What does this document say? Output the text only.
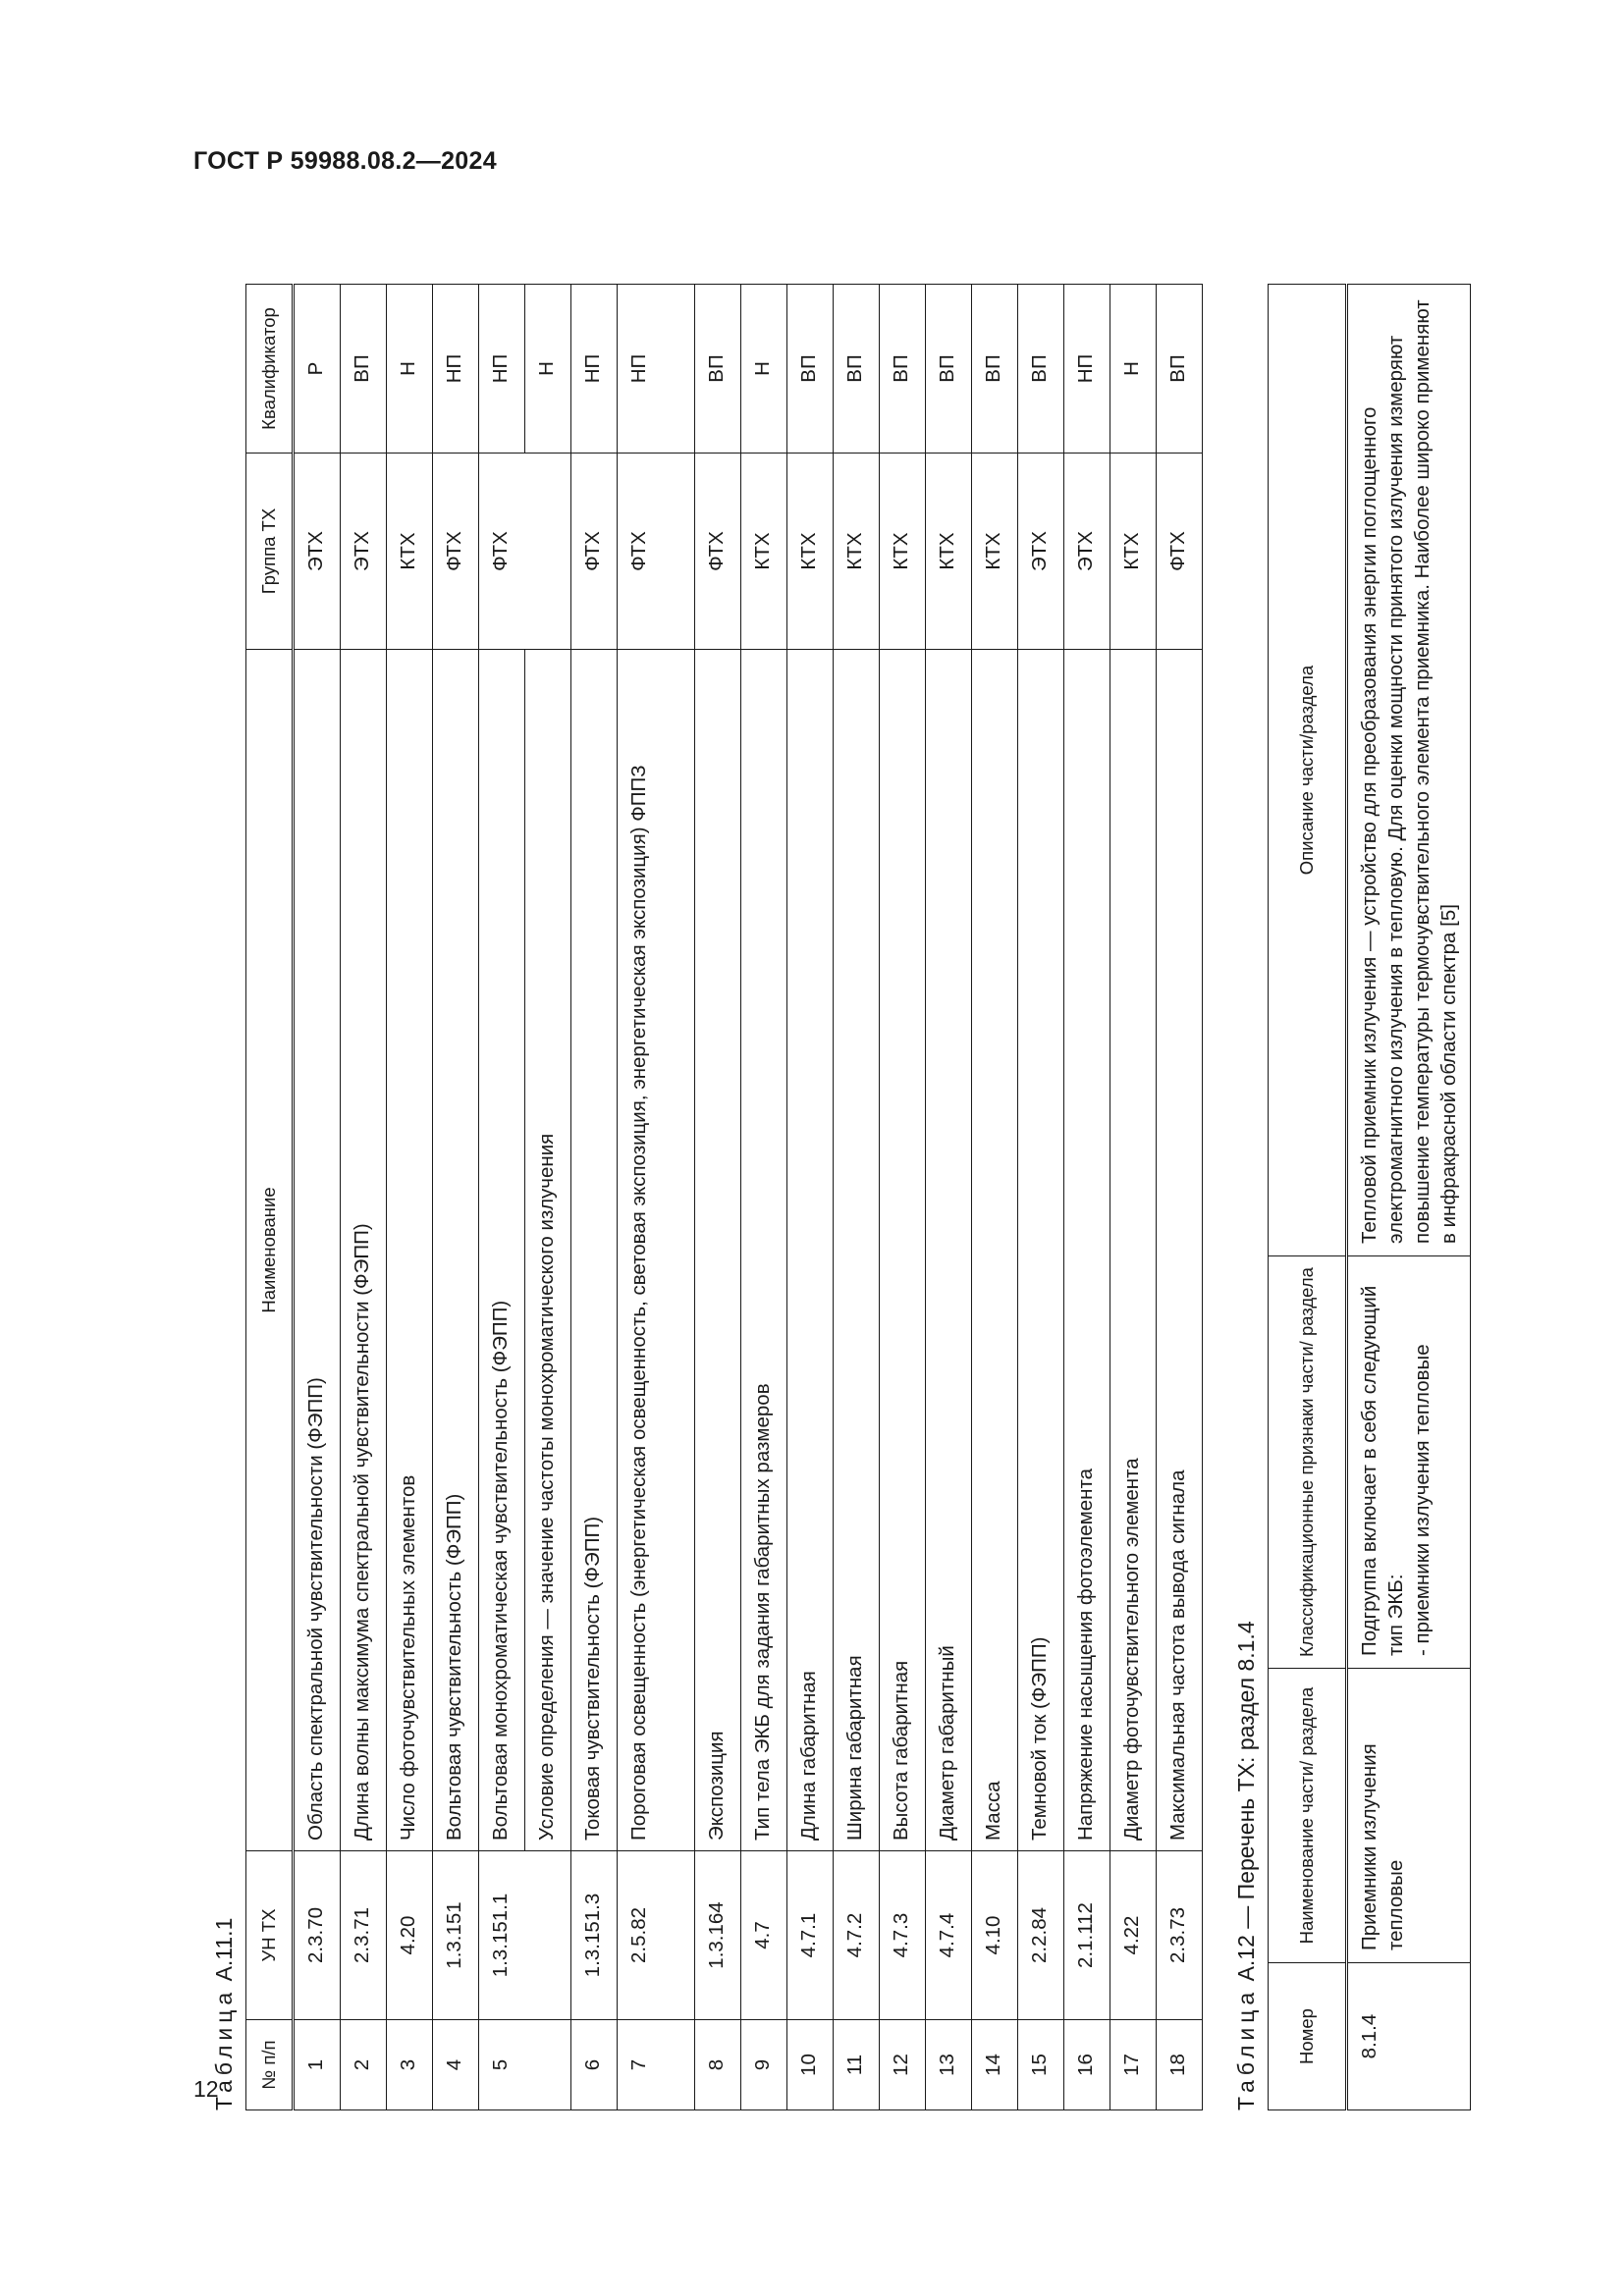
ГОСТ Р 59988.08.2—2024
12
Таблица А.11.1
№ п/п	УН ТХ	Наименование	Группа ТХ	Квалификатор
1	2.3.70	Область спектральной чувствительности (ФЭПП)	ЭТХ	Р
2	2.3.71	Длина волны максимума спектральной чувствительности (ФЭПП)	ЭТХ	ВП
3	4.20	Число фоточувствительных элементов	КТХ	Н
4	1.3.151	Вольтовая чувствительность (ФЭПП)	ФТХ	НП
5	1.3.151.1	Вольтовая монохроматическая чувствительность (ФЭПП)	ФТХ	НП
		Условие определения — значение частоты монохроматического излучения		Н
6	1.3.151.3	Токовая чувствительность (ФЭПП)	ФТХ	НП
7	2.5.82	Пороговая освещенность (энергетическая освещенность, световая экспозиция, энергетическая экспозиция) ФППЗ	ФТХ	НП
8	1.3.164	Экспозиция	ФТХ	ВП
9	4.7	Тип тела ЭКБ для задания габаритных размеров	КТХ	Н
10	4.7.1	Длина габаритная	КТХ	ВП
11	4.7.2	Ширина габаритная	КТХ	ВП
12	4.7.3	Высота габаритная	КТХ	ВП
13	4.7.4	Диаметр габаритный	КТХ	ВП
14	4.10	Масса	КТХ	ВП
15	2.2.84	Темновой ток (ФЭПП)	ЭТХ	ВП
16	2.1.112	Напряжение насыщения фотоэлемента	ЭТХ	НП
17	4.22	Диаметр фоточувствительного элемента	КТХ	Н
18	2.3.73	Максимальная частота вывода сигнала	ФТХ	ВП
Таблица А.12 — Перечень ТХ: раздел 8.1.4
Номер	Наименование части/ раздела	Классификационные признаки части/ раздела	Описание части/раздела
8.1.4	Приемники излучения тепловые	Подгруппа включает в себя следующий тип ЭКБ: - приемники излучения тепловые	Тепловой приемник излучения — устройство для преобразования энергии поглощенного электромагнитного излучения в тепловую. Для оценки мощности принятого излучения измеряют повышение температуры термочувствительного элемента приемника. Наиболее широко применяют в инфракрасной области спектра [5]
